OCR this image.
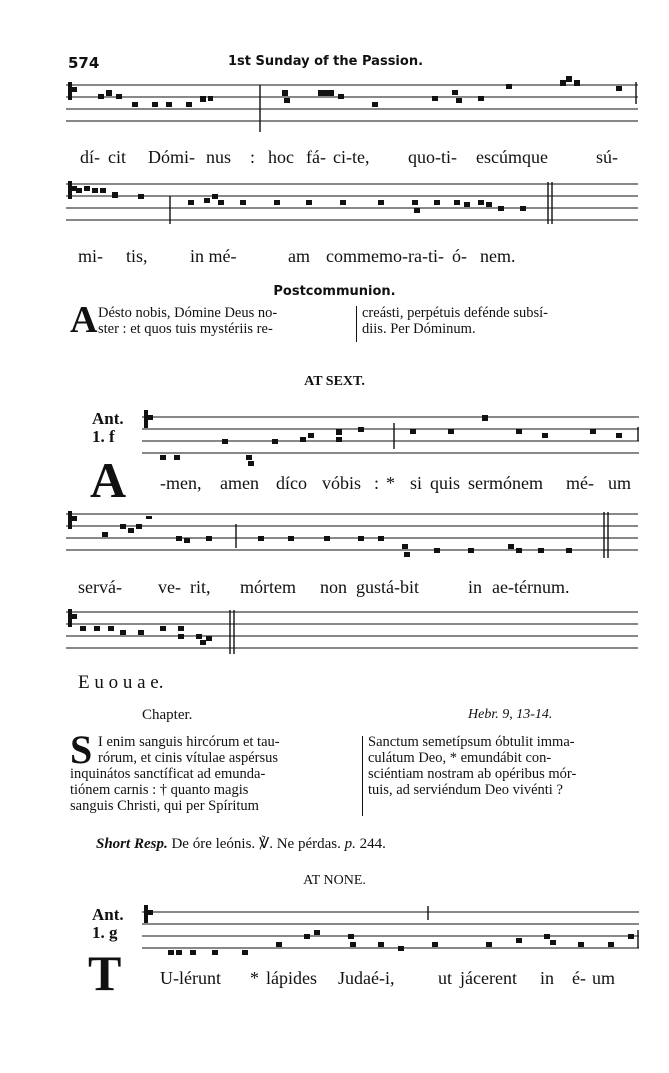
574	1st Sunday of the Passion.
dí- cit Dómi- nus : hoc fá- ci-te, quo-ti- escúmque	sú-
mi- tis, in mé-	am commemo-ra-ti- ó- nem.
Postcommunion.
A Désto nobis, Dómine Deus no-
ster : et quos tuis mystériis re-
creásti, perpétuis defénde subsí-
diis. Per Dóminum.
AT SEXT.
Ant.
1. f
A -men, amen díco vóbis : * si quis sermónem mé- um
servá- ve- rit, mórtem non gustá-bit	in ae-térnum.
E u o u a e.
Chapter.	Hebr. 9, 13-14.
S I enim sanguis hircórum et tau-
rórum, et cinis vítulae aspérsus
inquinátos sanctíficat ad emunda-
tiónem carnis : † quanto magis
sanguis Christi, qui per Spíritum
Sanctum semetípsum óbtulit imma-
culátum Deo, * emundábit con-
sciéntiam nostram ab opéribus mór-
tuis, ad serviéndum Deo vivénti ?
Short Resp. De óre leónis. ℣. Ne pérdas. p. 244.
AT NONE.
Ant.
1. g
T U-lérunt * lápides Judaé-i, ut jácerent in é- um
